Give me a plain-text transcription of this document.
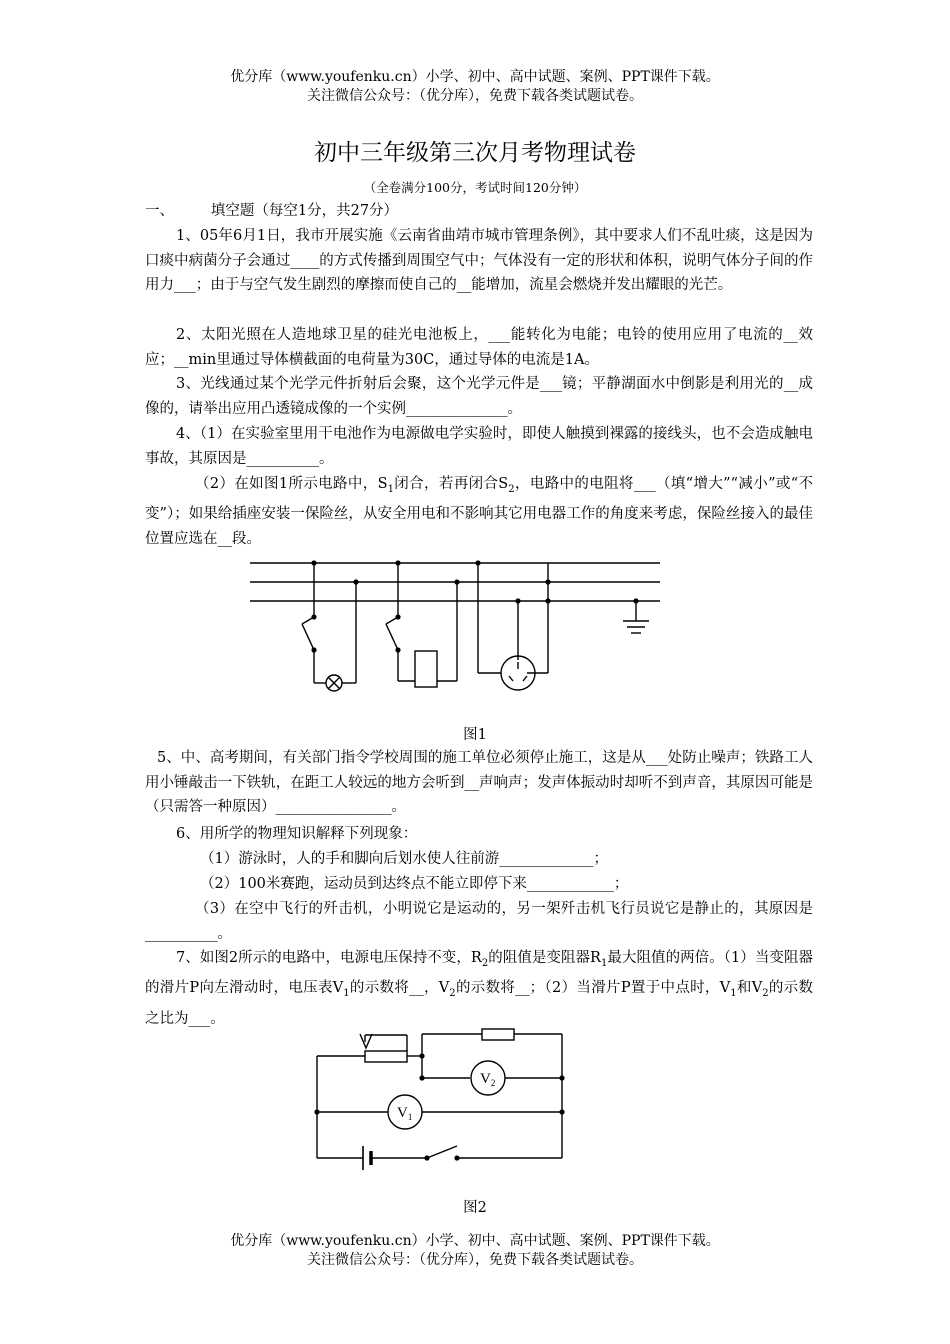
优分库（www.youfenku.cn）小学、初中、高中试题、案例、PPT课件下载。
关注微信公众号：（优分库），免费下载各类试题试卷。
初中三年级第三次月考物理试卷
（全卷满分100分，考试时间120分钟）
一、        填空题（每空1分，共27分）
1、05年6月1日，我市开展实施《云南省曲靖市城市管理条例》，其中要求人们不乱吐痰，这是因为口痰中病菌分子会通过____的方式传播到周围空气中；气体没有一定的形状和体积，说明气体分子间的作用力___；由于与空气发生剧烈的摩擦而使自己的__能增加，流星会燃烧并发出耀眼的光芒。
2、太阳光照在人造地球卫星的硅光电池板上，___能转化为电能；电铃的使用应用了电流的__效应；__min里通过导体横截面的电荷量为30C，通过导体的电流是1A。
3、光线通过某个光学元件折射后会聚，这个光学元件是___镜；平静湖面水中倒影是利用光的__成像的，请举出应用凸透镜成像的一个实例______________。
4、（1）在实验室里用干电池作为电源做电学实验时，即使人触摸到裸露的接线头，也不会造成触电事故，其原因是__________。
（2）在如图1所示电路中，$S_1$闭合，若再闭合$S_2$，电路中的电阻将___（填“增大”“减小”或“不变”）；如果给插座安装一保险丝，从安全用电和不影响其它用电器工作的角度来考虑，保险丝接入的最佳位置应选在__段。
图1
5、中、高考期间，有关部门指令学校周围的施工单位必须停止施工，这是从___处防止噪声；铁路工人用小锤敲击一下铁轨，在距工人较远的地方会听到__声响声；发声体振动时却听不到声音，其原因可能是（只需答一种原因）________________。
6、用所学的物理知识解释下列现象：
（1）游泳时，人的手和脚向后划水使人往前游_____________；
（2）100米赛跑，运动员到达终点不能立即停下来____________；
（3）在空中飞行的歼击机，小明说它是运动的，另一架歼击机飞行员说它是静止的，其原因是__________。
7、如图2所示的电路中，电源电压保持不变，$R_2$的阻值是变阻器$R_1$最大阻值的两倍。（1）当变阻器的滑片P向左滑动时，电压表$V_1$的示数将__，$V_2$的示数将__；（2）当滑片P置于中点时，$V_1$和$V_2$的示数之比为___。
$V_2$
$V_1$
图2
优分库（www.youfenku.cn）小学、初中、高中试题、案例、PPT课件下载。
关注微信公众号：（优分库），免费下载各类试题试卷。
